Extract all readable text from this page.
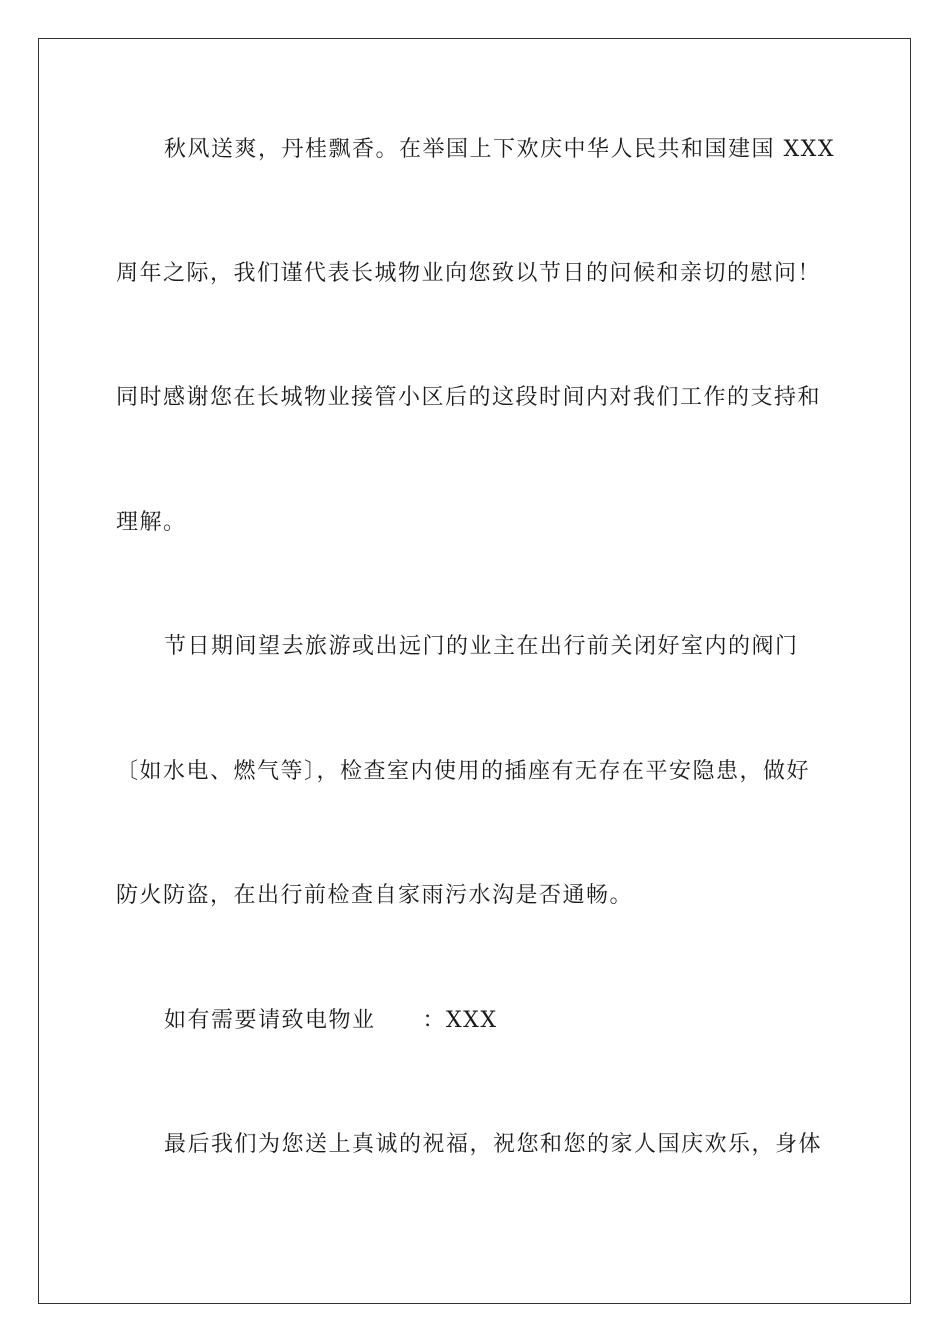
秋风送爽，丹桂飘香。在举国上下欢庆中华人民共和国建国 XXX
周年之际，我们谨代表长城物业向您致以节日的问候和亲切的慰问！
同时感谢您在长城物业接管小区后的这段时间内对我们工作的支持和
理解。
节日期间望去旅游或出远门的业主在出行前关闭好室内的阀门
〔如水电、燃气等〕，检查室内使用的插座有无存在平安隐患，做好
防火防盗，在出行前检查自家雨污水沟是否通畅。
如有需要请致电物业　　：XXX
最后我们为您送上真诚的祝福，祝您和您的家人国庆欢乐，身体
